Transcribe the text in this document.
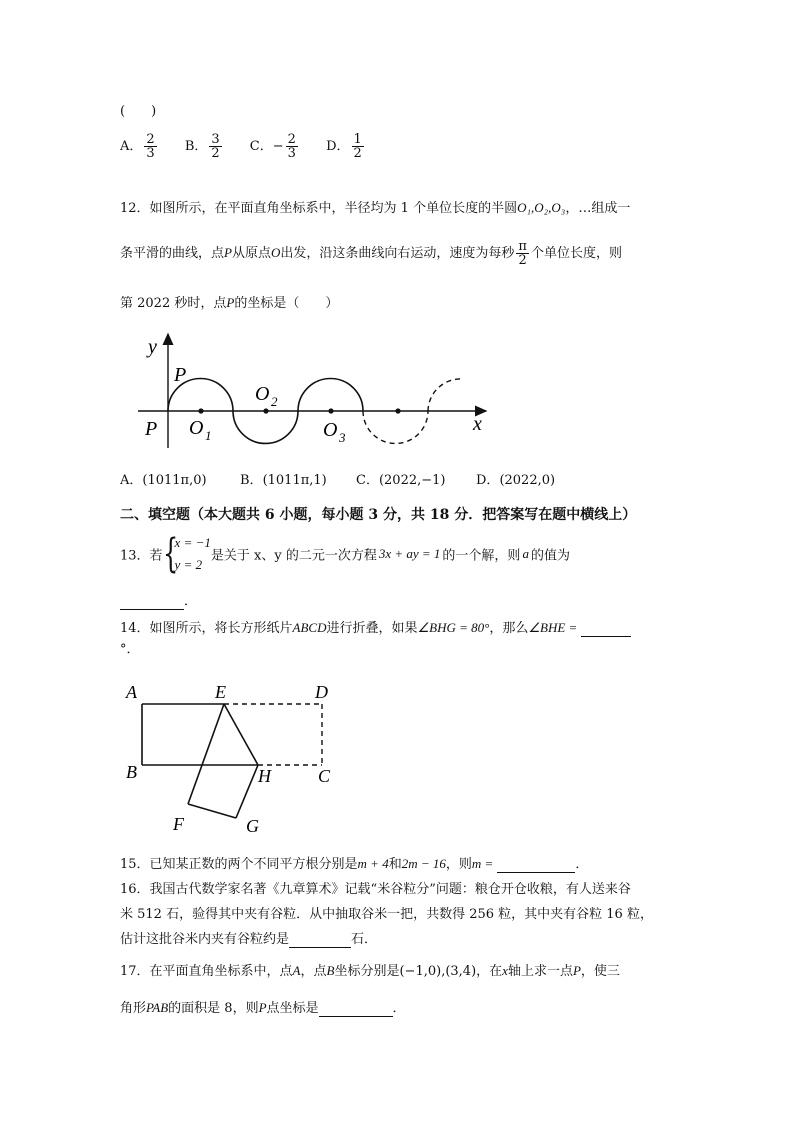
(　　)
A． $\frac{2}{3}$ B． $\frac{3}{2}$ C．− $\frac{2}{3}$ D． $\frac{1}{2}$
12．如图所示，在平面直角坐标系中，半径均为 1 个单位长度的半圆O₁,O₂,O₃，…组成一
条平滑的曲线，点P从原点O出发，沿这条曲线向右运动，速度为每秒 $\frac{\pi}{2}$ 个单位长度，则
第 2022 秒时，点P的坐标是（　　）
y
x
P
P O 1
O 2
O 3
A．(1011π,0)	B．(1011π,1) C．(2022,−1) D．(2022,0)
二、填空题（本大题共 6 小题，每小题 3 分，共 18 分．把答案写在题中横线上）
13．若 {
x = −1
y = 2
是关于 x、y 的二元一次方程 3x + ay = 1 的一个解，则 a 的值为
．
14．如图所示，将长方形纸片ABCD进行折叠，如果∠BHG = 80°，那么∠BHE =
°．
A	E	D
B	H	C
F	G
15．已知某正数的两个不同平方根分别是m + 4和2m − 16，则m =	．
16．我国古代数学家名著《九章算术》记载“米谷粒分”问题：粮仓开仓收粮，有人送来谷
米 512 石，验得其中夹有谷粒．从中抽取谷米一把，共数得 256 粒，其中夹有谷粒 16 粒，
估计这批谷米内夹有谷粒约是	石．
17．在平面直角坐标系中，点A，点B坐标分别是(−1,0),(3,4)，在x轴上求一点P，使三
角形PAB的面积是 8，则P点坐标是	．
